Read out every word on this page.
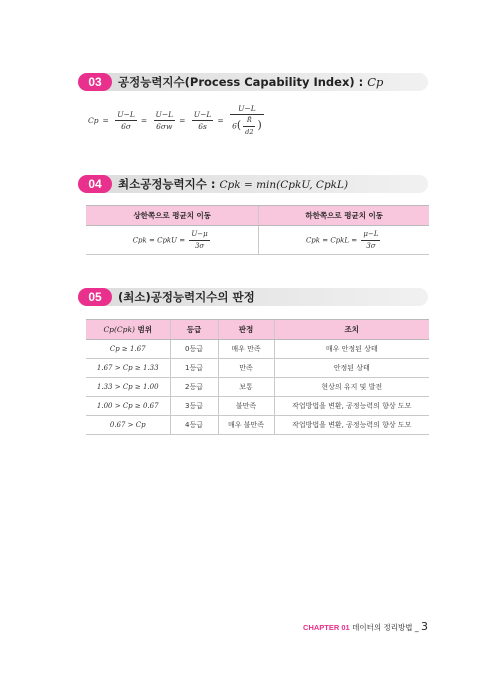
03	공정능력지수(Process Capability Index) : Cp
$Cp = \frac{U-L}{6\sigma} = \frac{U-L}{6\sigma w} = \frac{U-L}{6s} = \frac{U-L}{6( \frac{R̄}{d2} )}$
04	최소공정능력지수 : Cpk = min(CpkU, CpkL)
상한쪽으로 평균치 이동	하한쪽으로 평균치 이동
Cpk = CpkU = $\frac{U-\mu}{3\sigma}$	Cpk = CpkL = $\frac{\mu-L}{3\sigma}$
05	(최소)공정능력지수의 판정
Cp(Cpk) 범위	등급	판정	조치
Cp ≥ 1.67	0등급	매우 만족	매우 안정된 상태
1.67 > Cp ≥ 1.33	1등급	만족	안정된 상태
1.33 > Cp ≥ 1.00	2등급	보통	현상의 유지 및 발전
1.00 > Cp ≥ 0.67	3등급	불만족	작업방법을 변환, 공정능력의 향상 도모
0.67 > Cp	4등급	매우 불만족	작업방법을 변환, 공정능력의 향상 도모
CHAPTER 01 데이터의 정리방법 _ 3
